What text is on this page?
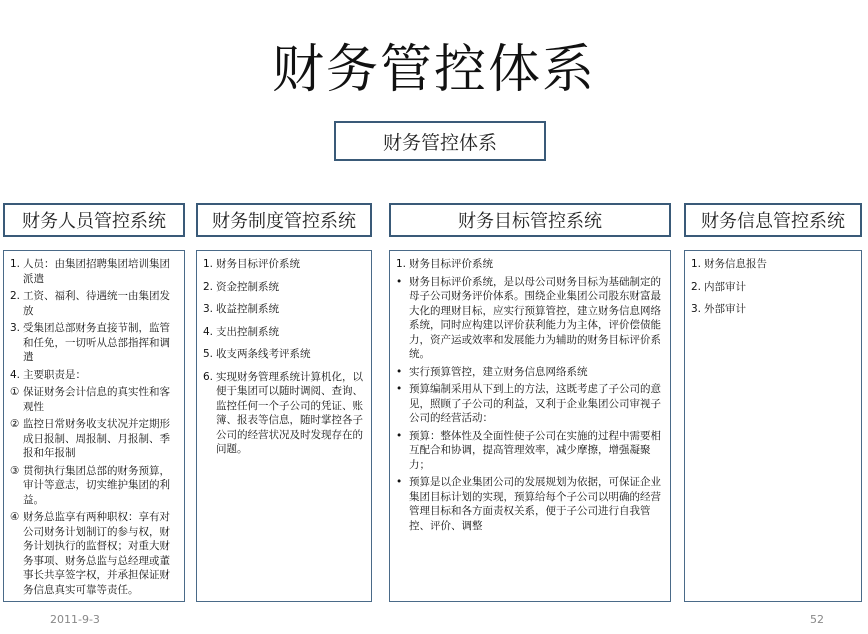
财务管控体系
财务管控体系
财务人员管控系统	财务制度管控系统	财务目标管控系统	财务信息管控系统
1. 人员：由集团招聘集团培训集团派遣
2. 工资、福利、待遇统一由集团发放
3. 受集团总部财务直接节制，监管和任免，一切听从总部指挥和调遣
4. 主要职责是：
① 保证财务会计信息的真实性和客观性
② 监控日常财务收支状况并定期形成日报制、周报制、月报制、季报和年报制
③ 贯彻执行集团总部的财务预算，审计等意志，切实维护集团的利益。
④ 财务总监享有两种职权：享有对公司财务计划制订的参与权，财务计划执行的监督权；对重大财务事项、财务总监与总经理或董事长共享签字权，并承担保证财务信息真实可靠等责任。
1. 财务目标评价系统
2. 资金控制系统
3. 收益控制系统
4. 支出控制系统
5. 收支两条线考评系统
6. 实现财务管理系统计算机化，以便于集团可以随时调阅、查询、监控任何一个子公司的凭证、账簿、报表等信息，随时掌控各子公司的经营状况及时发现存在的问题。
1. 财务目标评价系统
• 财务目标评价系统，是以母公司财务目标为基础制定的母子公司财务评价体系。围绕企业集团公司股东财富最大化的理财目标，应实行预算管控，建立财务信息网络系统，同时应构建以评价获利能力为主体，评价偿债能力，资产运或效率和发展能力为辅助的财务目标评价系统。
• 实行预算管控，建立财务信息网络系统
• 预算编制采用从下到上的方法，这既考虑了子公司的意见，照顾了子公司的利益，又利于企业集团公司审视子公司的经营活动：
• 预算：整体性及全面性使子公司在实施的过程中需要相互配合和协调，提高管理效率，减少摩擦，增强凝聚力；
• 预算是以企业集团公司的发展规划为依据，可保证企业集团目标计划的实现，预算给每个子公司以明确的经营管理目标和各方面责权关系，便于子公司进行自我管控、评价、调整
1. 财务信息报告
2. 内部审计
3. 外部审计
2011-9-3	52
